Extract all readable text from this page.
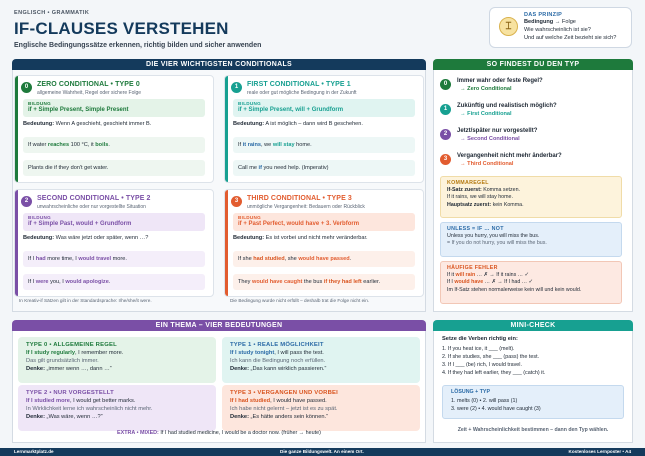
ENGLISCH • GRAMMATIK
IF-CLAUSES VERSTEHEN
Englische Bedingungssätze erkennen, richtig bilden und sicher anwenden
⌶
DAS PRINZIP
Bedingung → Folge
Wie wahrscheinlich ist sie?
Und auf welche Zeit bezieht sie sich?
DIE VIER WICHTIGSTEN CONDITIONALS
0	ZERO CONDITIONAL • TYPE 0
allgemeine Wahrheit, Regel oder sichere Folge
BILDUNG
if + Simple Present, Simple Present
Bedeutung: Wenn A geschieht, geschieht immer B.
If water reaches 100 °C, it boils.
Plants die if they don't get water.
1	FIRST CONDITIONAL • TYPE 1
reale oder gut mögliche Bedingung in der Zukunft
BILDUNG
if + Simple Present, will + Grundform
Bedeutung: A ist möglich – dann wird B geschehen.
If it rains, we will stay home.
Call me if you need help. (Imperativ)
2	SECOND CONDITIONAL • TYPE 2
unwahrscheinliche oder nur vorgestellte Situation
BILDUNG
if + Simple Past, would + Grundform
Bedeutung: Was wäre jetzt oder später, wenn …?
If I had more time, I would travel more.
If I were you, I would apologize.
3	THIRD CONDITIONAL • TYPE 3
unmögliche Vergangenheit: Bedauern oder Rückblick
BILDUNG
if + Past Perfect, would have + 3. Verbform
Bedeutung: Es ist vorbei und nicht mehr veränderbar.
If she had studied, she would have passed.
They would have caught the bus if they had left earlier.
In Kreativ-if Sätzen gilt in der Standardsprache: I/he/she/it were.	Die Bedingung wurde nicht erfüllt – deshalb trat die Folge nicht ein.
SO FINDEST DU DEN TYP
0	Immer wahr oder feste Regel?
→ Zero Conditional
1	Zukünftig und realistisch möglich?
→ First Conditional
2	Jetzt/später nur vorgestellt?
→ Second Conditional
3	Vergangenheit nicht mehr änderbar?
→ Third Conditional
KOMMAREGEL
If-Satz zuerst: Komma setzen.
If it rains, we will stay home.
Hauptsatz zuerst: kein Komma.
UNLESS = IF … NOT
Unless you hurry, you will miss the bus.
= If you do not hurry, you will miss the bus.
HÄUFIGE FEHLER
If it will rain … ✗ → If it rains … ✓
If I would have … ✗ → If I had … ✓
Im If-Satz stehen normalerweise kein will und kein would.
EIN THEMA – VIER BEDEUTUNGEN
TYPE 0 • ALLGEMEINE REGEL
If I study regularly, I remember more.
Das gilt grundsätzlich immer.
Denke: „immer wenn …, dann …“
TYPE 1 • REALE MÖGLICHKEIT
If I study tonight, I will pass the test.
Ich kann die Bedingung noch erfüllen.
Denke: „Das kann wirklich passieren.“
TYPE 2 • NUR VORGESTELLT
If I studied more, I would get better marks.
In Wirklichkeit lerne ich wahrscheinlich nicht mehr.
Denke: „Was wäre, wenn …?“
TYPE 3 • VERGANGEN UND VORBEI
If I had studied, I would have passed.
Ich habe nicht gelernt – jetzt ist es zu spät.
Denke: „Es hätte anders sein können.“
EXTRA • MIXED: If I had studied medicine, I would be a doctor now. (früher → heute)
MINI-CHECK
Setze die Verben richtig ein:
1. If you heat ice, it ___ (melt).
2. If she studies, she ___ (pass) the test.
3. If I ___ (be) rich, I would travel.
4. If they had left earlier, they ___ (catch) it.
LÖSUNG + TYP
1. melts (0) • 2. will pass (1)
3. were (2) • 4. would have caught (3)
Zeit + Wahrscheinlichkeit bestimmen – dann den Typ wählen.
Lernmarktplatz.de	Die ganze Bildungswelt. An einem Ort.	Kostenloses Lernposter • A4
